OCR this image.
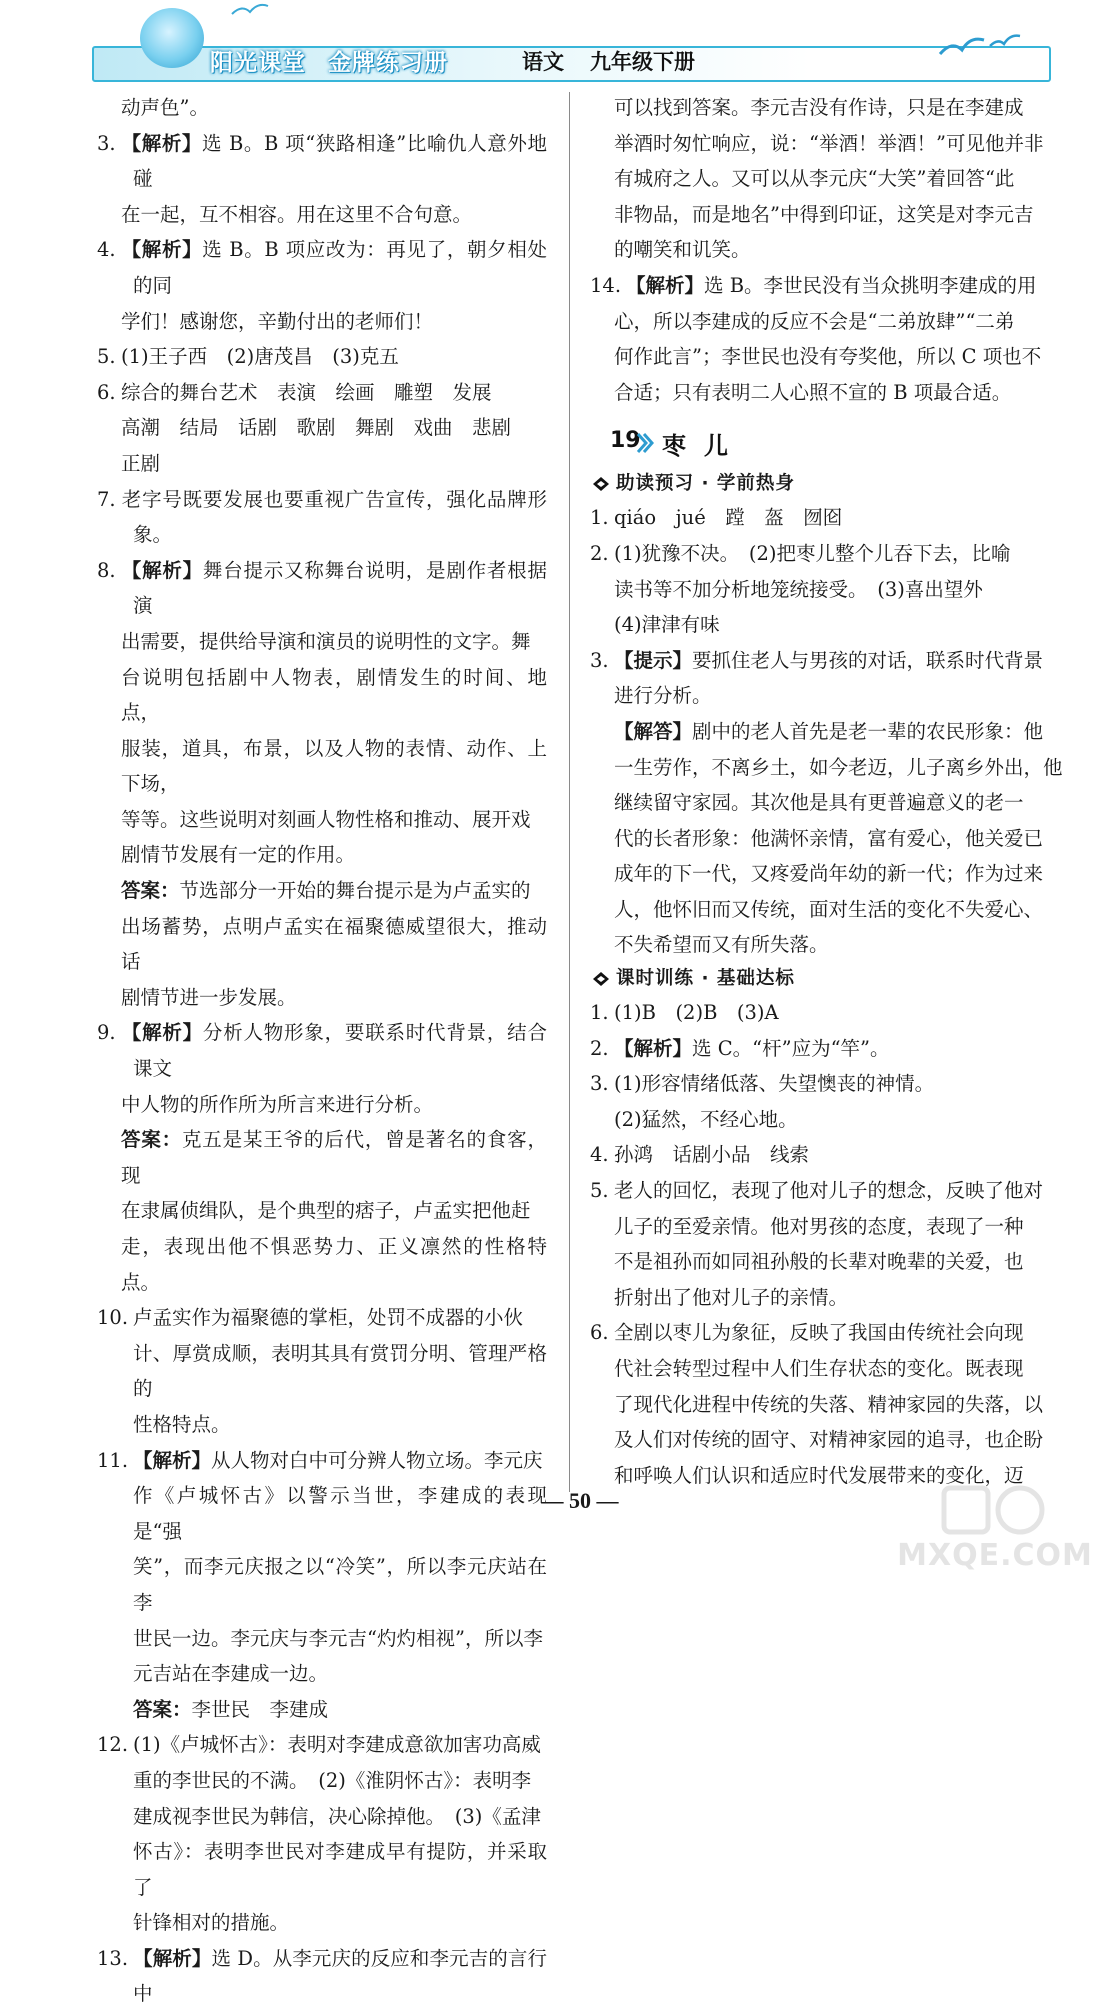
阳光课堂 金牌练习册	语文 九年级下册

动声色”。

3. 【解析】选 B。B 项“狭路相逢”比喻仇人意外地碰

在一起，互不相容。用在这里不合句意。

4. 【解析】选 B。B 项应改为：再见了，朝夕相处的同

学们！感谢您，辛勤付出的老师们！

5. (1)王子西　(2)唐茂昌　(3)克五

6. 综合的舞台艺术　表演　绘画　雕塑　发展

高潮　结局　话剧　歌剧　舞剧　戏曲　悲剧

正剧

7. 老字号既要发展也要重视广告宣传，强化品牌形象。

8. 【解析】舞台提示又称舞台说明，是剧作者根据演

出需要，提供给导演和演员的说明性的文字。舞

台说明包括剧中人物表，剧情发生的时间、地点，

服装，道具，布景，以及人物的表情、动作、上下场，

等等。这些说明对刻画人物性格和推动、展开戏

剧情节发展有一定的作用。

答案：节选部分一开始的舞台提示是为卢孟实的

出场蓄势，点明卢孟实在福聚德威望很大，推动话

剧情节进一步发展。

9. 【解析】分析人物形象，要联系时代背景，结合课文

中人物的所作所为所言来进行分析。

答案：克五是某王爷的后代，曾是著名的食客，现

在隶属侦缉队，是个典型的痞子，卢孟实把他赶

走，表现出他不惧恶势力、正义凛然的性格特点。

10. 卢孟实作为福聚德的掌柜，处罚不成器的小伙

计、厚赏成顺，表明其具有赏罚分明、管理严格的

性格特点。

11. 【解析】从人物对白中可分辨人物立场。李元庆

作《卢城怀古》以警示当世，李建成的表现是“强

笑”，而李元庆报之以“冷笑”，所以李元庆站在李

世民一边。李元庆与李元吉“灼灼相视”，所以李

元吉站在李建成一边。

答案：李世民　李建成

12. (1)《卢城怀古》：表明对李建成意欲加害功高威

重的李世民的不满。　(2)《淮阴怀古》：表明李

建成视李世民为韩信，决心除掉他。　(3)《孟津

怀古》：表明李世民对李建成早有提防，并采取了

针锋相对的措施。

13. 【解析】选 D。从李元庆的反应和李元吉的言行中

可以找到答案。李元吉没有作诗，只是在李建成

举酒时匆忙响应，说：“举酒！举酒！”可见他并非

有城府之人。又可以从李元庆“大笑”着回答“此

非物品，而是地名”中得到印证，这笑是对李元吉

的嘲笑和讥笑。

14. 【解析】选 B。李世民没有当众挑明李建成的用

心，所以李建成的反应不会是“二弟放肆”“二弟

何作此言”；李世民也没有夸奖他，所以 C 项也不

合适；只有表明二人心照不宣的 B 项最合适。

19 枣儿
助读预习 · 学前热身

1. qiáo　jué　蹚　盔　囫囵

2. (1)犹豫不决。　(2)把枣儿整个儿吞下去，比喻

读书等不加分析地笼统接受。　(3)喜出望外

(4)津津有味

3. 【提示】要抓住老人与男孩的对话，联系时代背景

进行分析。

【解答】剧中的老人首先是老一辈的农民形象：他

一生劳作，不离乡土，如今老迈，儿子离乡外出，他

继续留守家园。其次他是具有更普遍意义的老一

代的长者形象：他满怀亲情，富有爱心，他关爱已

成年的下一代，又疼爱尚年幼的新一代；作为过来

人，他怀旧而又传统，面对生活的变化不失爱心、

不失希望而又有所失落。

课时训练 · 基础达标

1. (1)B　(2)B　(3)A

2. 【解析】选 C。“杆”应为“竿”。

3. (1)形容情绪低落、失望懊丧的神情。

(2)猛然，不经心地。

4. 孙鸿　话剧小品　线索

5. 老人的回忆，表现了他对儿子的想念，反映了他对

儿子的至爱亲情。他对男孩的态度，表现了一种

不是祖孙而如同祖孙般的长辈对晚辈的关爱，也

折射出了他对儿子的亲情。

6. 全剧以枣儿为象征，反映了我国由传统社会向现

代社会转型过程中人们生存状态的变化。既表现

了现代化进程中传统的失落、精神家园的失落，以

及人们对传统的固守、对精神家园的追寻，也企盼

和呼唤人们认识和适应时代发展带来的变化，迈

— 50 —
MXQE.COM
